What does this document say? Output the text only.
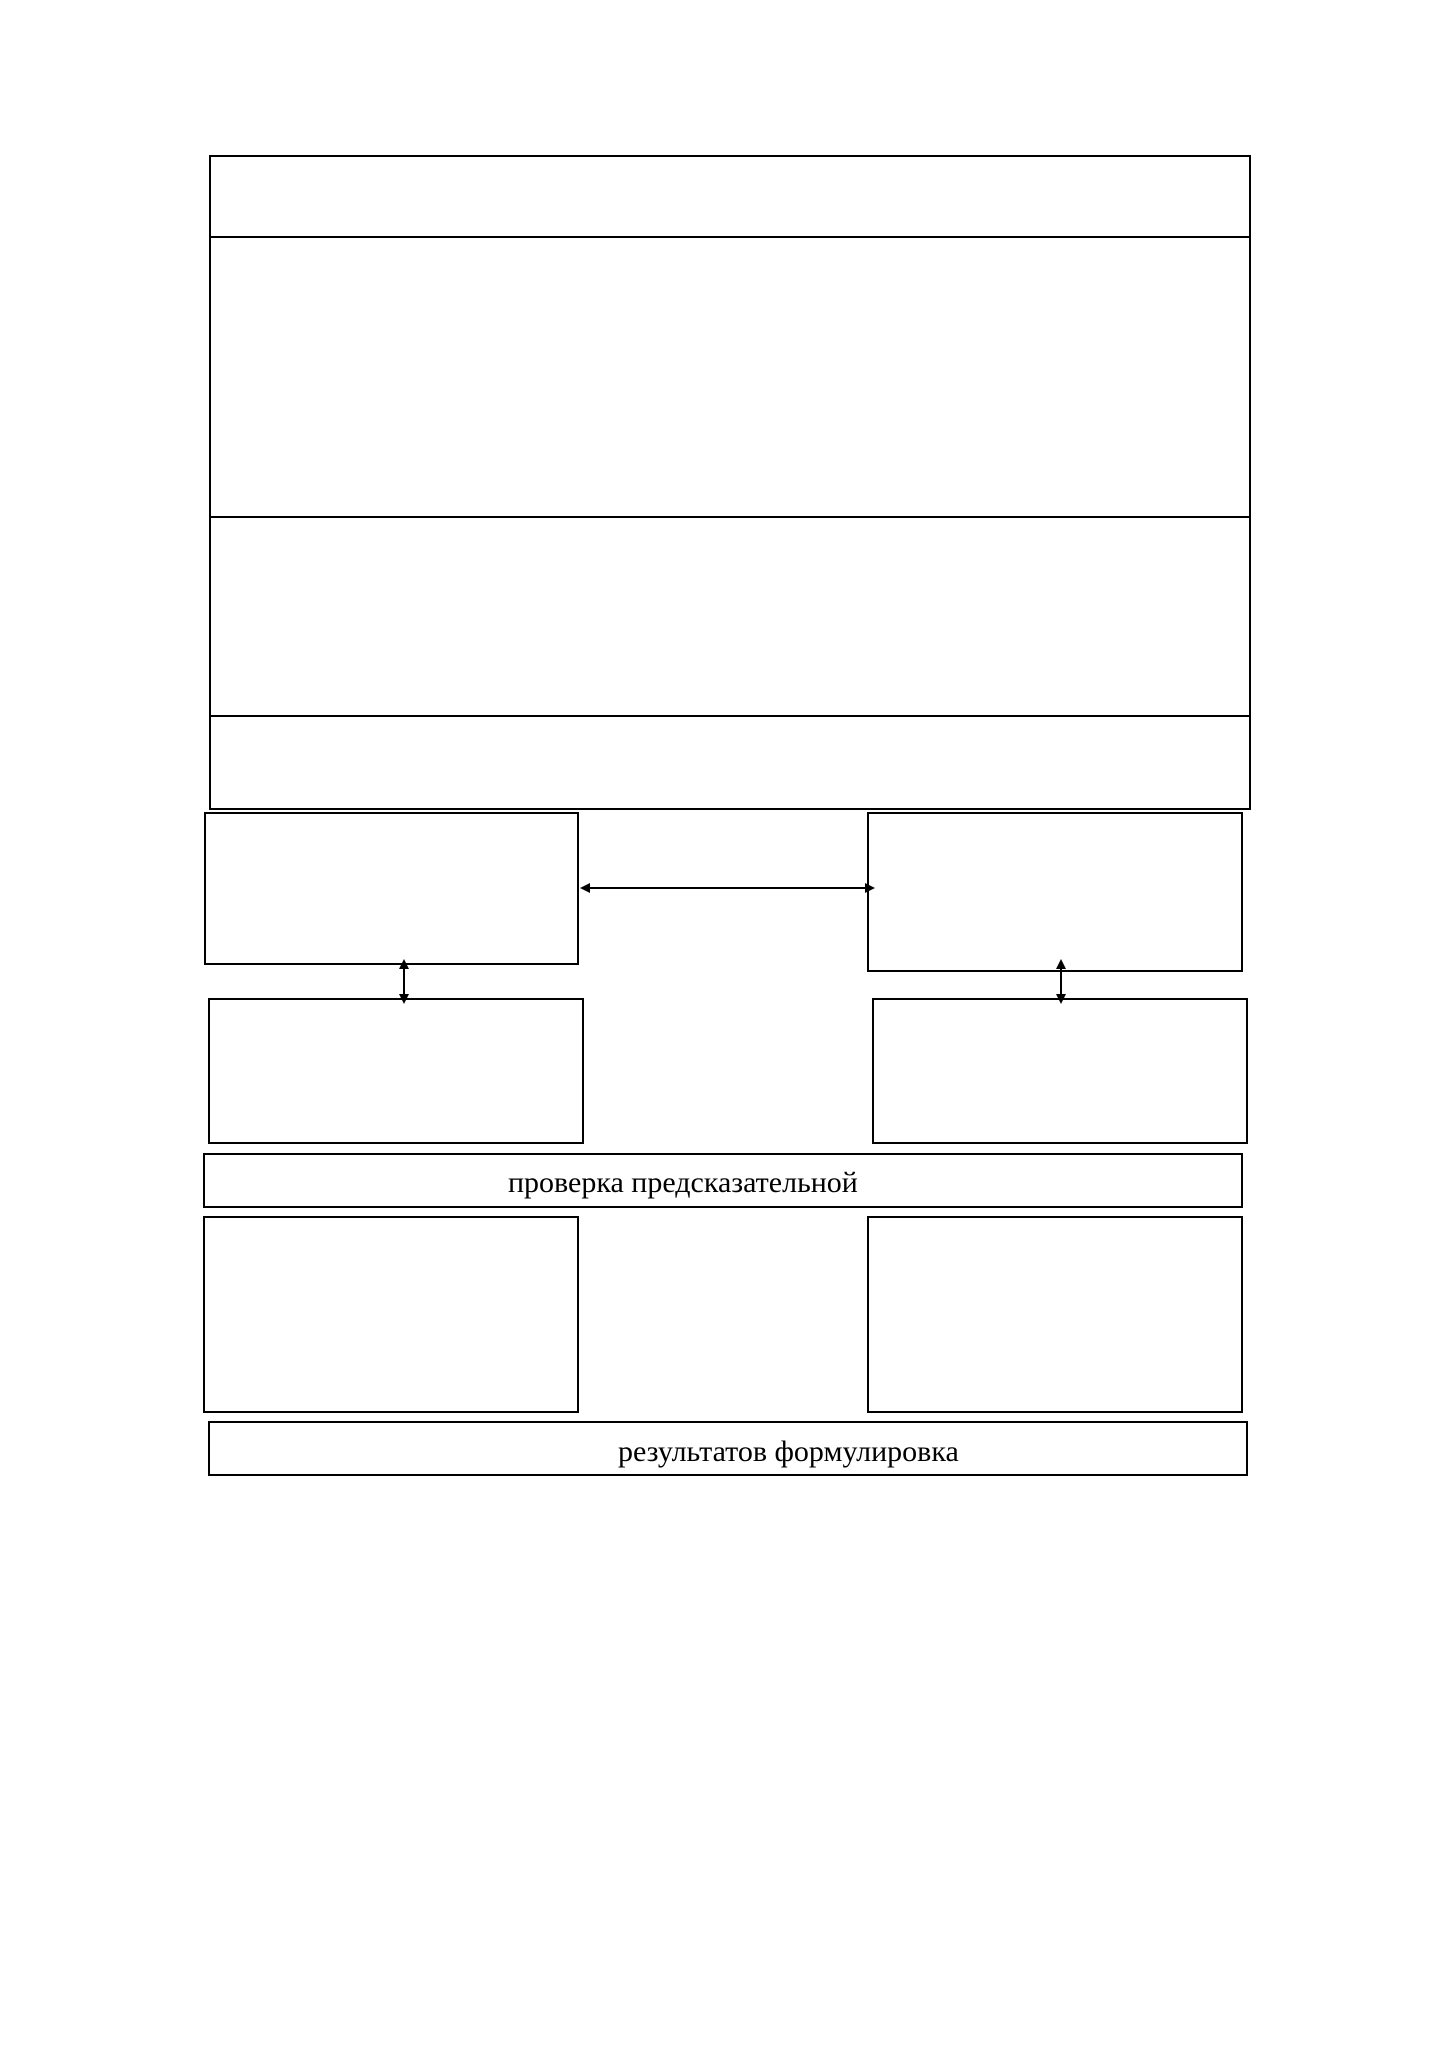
проверка предсказательной
результатов формулировка
